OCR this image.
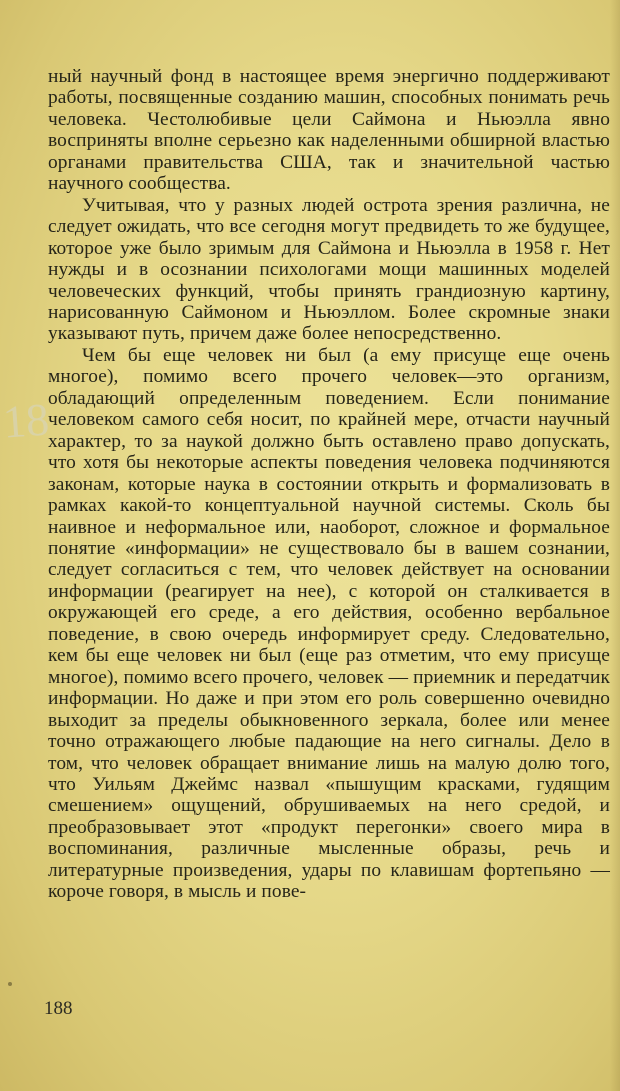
18

ный научный фонд в настоящее время энергично поддерживают работы, посвященные созданию машин, способных понимать речь человека. Честолюбивые цели Саймона и Ньюэлла явно восприняты вполне серьезно как наделенными обширной властью органами правительства США, так и значительной частью научного сообщества.

Учитывая, что у разных людей острота зрения различна, не следует ожидать, что все сегодня могут предвидеть то же будущее, которое уже было зримым для Саймона и Ньюэлла в 1958 г. Нет нужды и в осознании психологами мощи машинных моделей человеческих функций, чтобы принять грандиозную картину, нарисованную Саймоном и Ньюэллом. Более скромные знаки указывают путь, причем даже более непосредственно.

Чем бы еще человек ни был (а ему присуще еще очень многое), помимо всего прочего человек—это организм, обладающий определенным поведением. Если понимание человеком самого себя носит, по крайней мере, отчасти научный характер, то за наукой должно быть оставлено право допускать, что хотя бы некоторые аспекты поведения человека подчиняются законам, которые наука в состоянии открыть и формализовать в рамках какой-то концептуальной научной системы. Сколь бы наивное и неформальное или, наоборот, сложное и формальное понятие «информации» не существовало бы в вашем сознании, следует согласиться с тем, что человек действует на основании информации (реагирует на нее), с которой он сталкивается в окружающей его среде, а его действия, особенно вербальное поведение, в свою очередь информирует среду. Следовательно, кем бы еще человек ни был (еще раз отметим, что ему присуще многое), помимо всего прочего, человек — приемник и передатчик информации. Но даже и при этом его роль совершенно очевидно выходит за пределы обыкновенного зеркала, более или менее точно отражающего любые падающие на него сигналы. Дело в том, что человек обращает внимание лишь на малую долю того, что Уильям Джеймс назвал «пышущим красками, гудящим смешением» ощущений, обрушиваемых на него средой, и преобразовывает этот «продукт перегонки» своего мира в воспоминания, различные мысленные образы, речь и литературные произведения, удары по клавишам фортепьяно — короче говоря, в мысль и пове-

188
